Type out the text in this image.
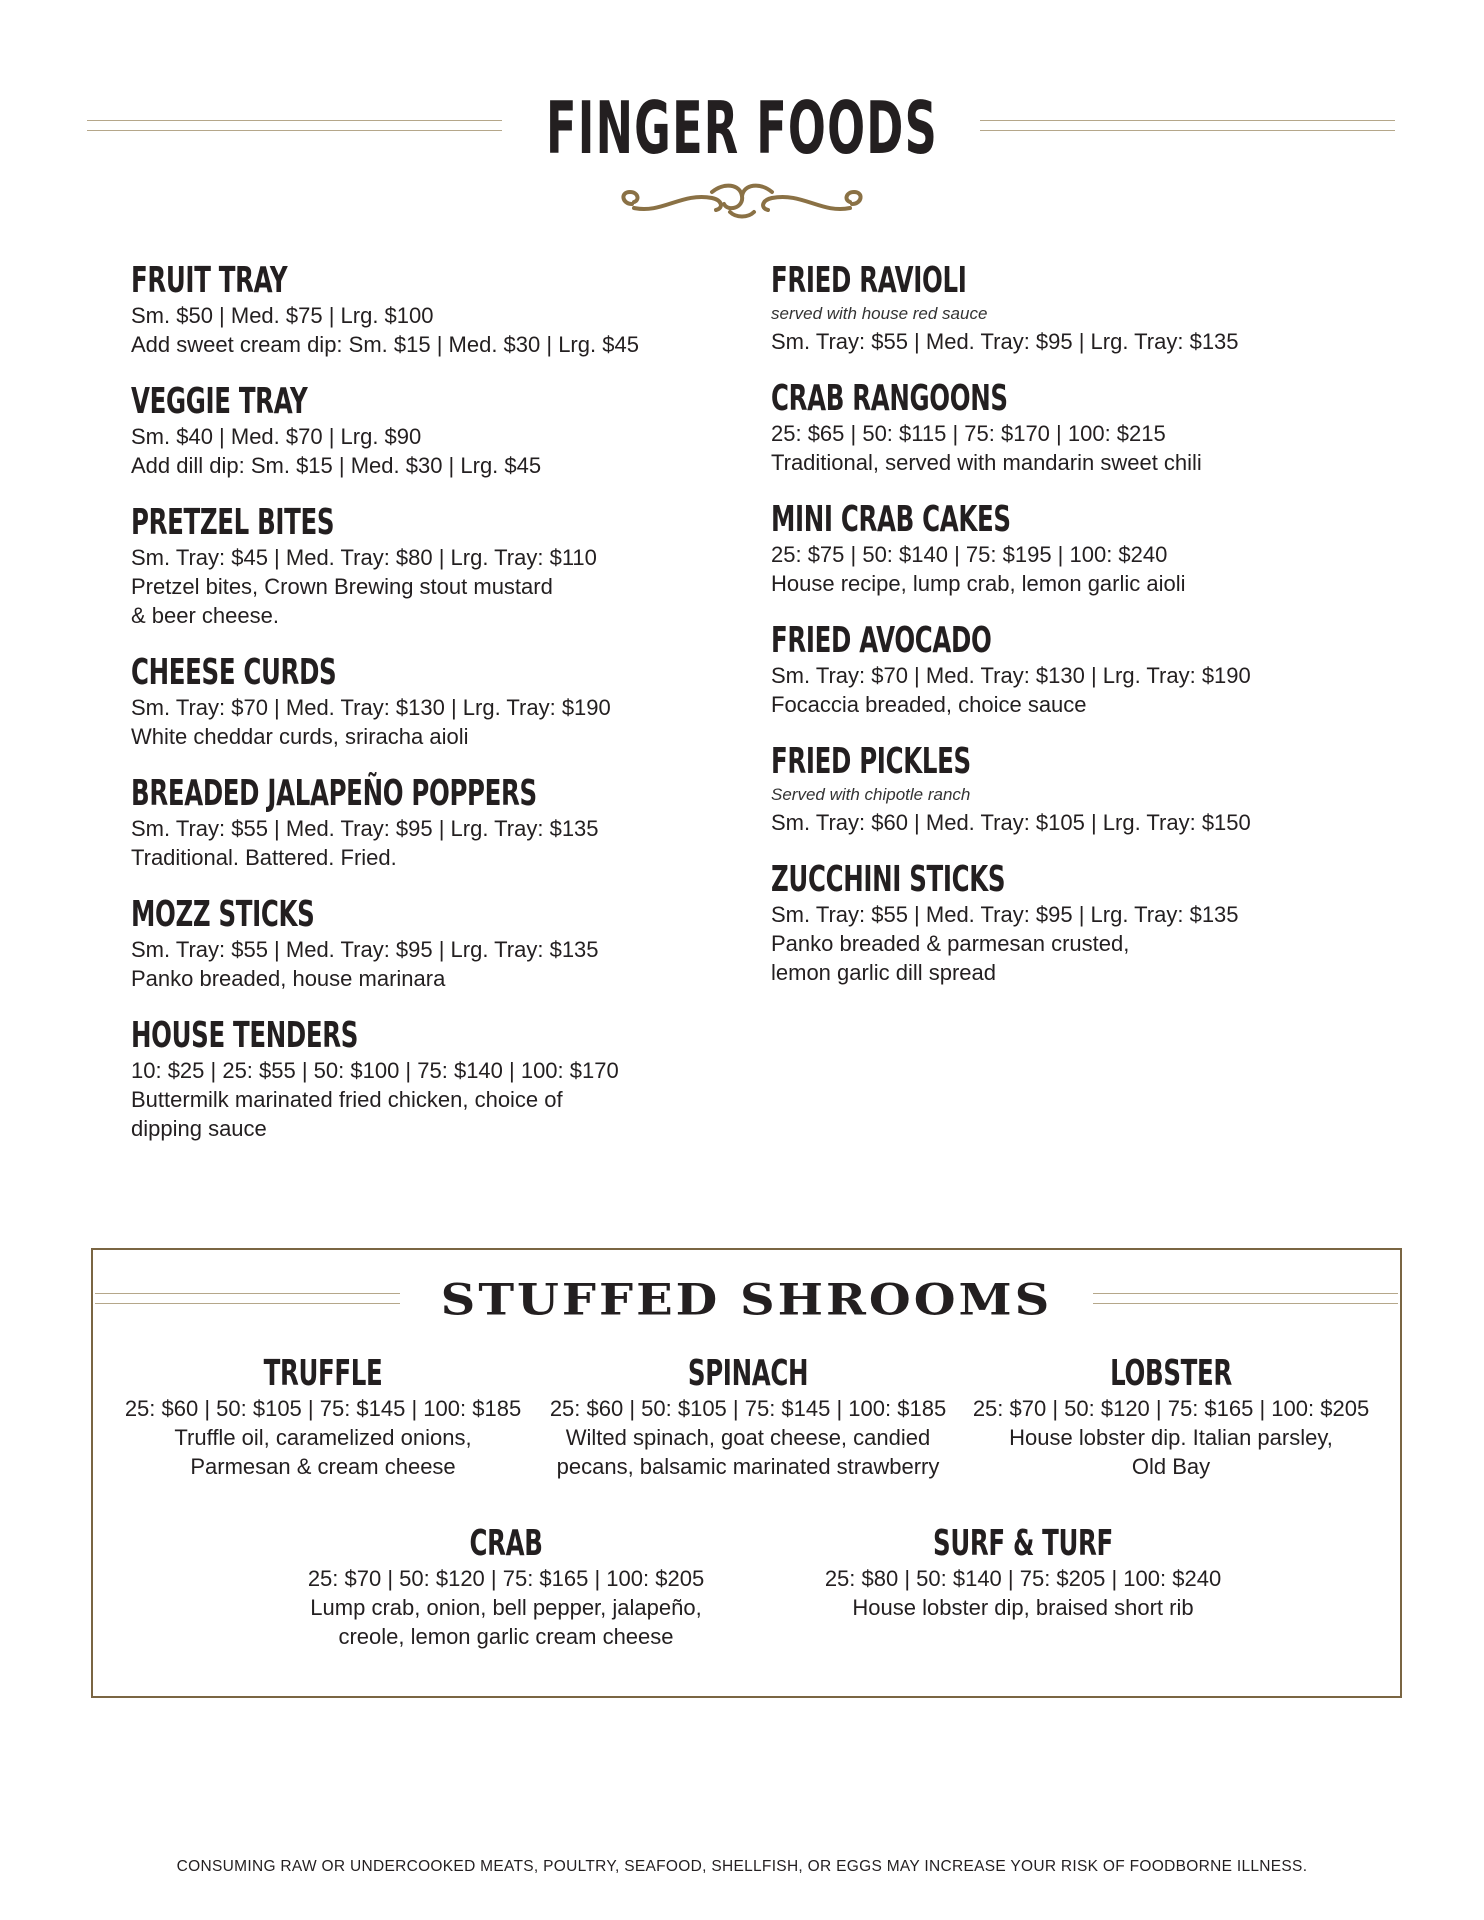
FINGER FOODS
FRUIT TRAY

Sm. $50 | Med. $75 | Lrg. $100

Add sweet cream dip: Sm. $15 | Med. $30 | Lrg. $45

VEGGIE TRAY

Sm. $40 | Med. $70 | Lrg. $90

Add dill dip: Sm. $15 | Med. $30 | Lrg. $45

PRETZEL BITES

Sm. Tray: $45 | Med. Tray: $80 | Lrg. Tray: $110

Pretzel bites, Crown Brewing stout mustard

& beer cheese.

CHEESE CURDS

Sm. Tray: $70 | Med. Tray: $130 | Lrg. Tray: $190

White cheddar curds, sriracha aioli

BREADED JALAPEÑO POPPERS

Sm. Tray: $55 | Med. Tray: $95 | Lrg. Tray: $135

Traditional. Battered. Fried.

MOZZ STICKS

Sm. Tray: $55 | Med. Tray: $95 | Lrg. Tray: $135

Panko breaded, house marinara

HOUSE TENDERS

10: $25 | 25: $55 | 50: $100 | 75: $140 | 100: $170

Buttermilk marinated fried chicken, choice of

dipping sauce

FRIED RAVIOLI

served with house red sauce

Sm. Tray: $55 | Med. Tray: $95 | Lrg. Tray: $135

CRAB RANGOONS

25: $65 | 50: $115 | 75: $170 | 100: $215

Traditional, served with mandarin sweet chili

MINI CRAB CAKES

25: $75 | 50: $140 | 75: $195 | 100: $240

House recipe, lump crab, lemon garlic aioli

FRIED AVOCADO

Sm. Tray: $70 | Med. Tray: $130 | Lrg. Tray: $190

Focaccia breaded, choice sauce

FRIED PICKLES

Served with chipotle ranch

Sm. Tray: $60 | Med. Tray: $105 | Lrg. Tray: $150

ZUCCHINI STICKS

Sm. Tray: $55 | Med. Tray: $95 | Lrg. Tray: $135

Panko breaded & parmesan crusted,

lemon garlic dill spread

STUFFED SHROOMS
TRUFFLE

25: $60 | 50: $105 | 75: $145 | 100: $185

Truffle oil, caramelized onions,

Parmesan & cream cheese

SPINACH

25: $60 | 50: $105 | 75: $145 | 100: $185

Wilted spinach, goat cheese, candied

pecans, balsamic marinated strawberry

LOBSTER

25: $70 | 50: $120 | 75: $165 | 100: $205

House lobster dip. Italian parsley,

Old Bay

CRAB

25: $70 | 50: $120 | 75: $165 | 100: $205

Lump crab, onion, bell pepper, jalapeño,

creole, lemon garlic cream cheese

SURF & TURF

25: $80 | 50: $140 | 75: $205 | 100: $240

House lobster dip, braised short rib

CONSUMING RAW OR UNDERCOOKED MEATS, POULTRY, SEAFOOD, SHELLFISH, OR EGGS MAY INCREASE YOUR RISK OF FOODBORNE ILLNESS.
